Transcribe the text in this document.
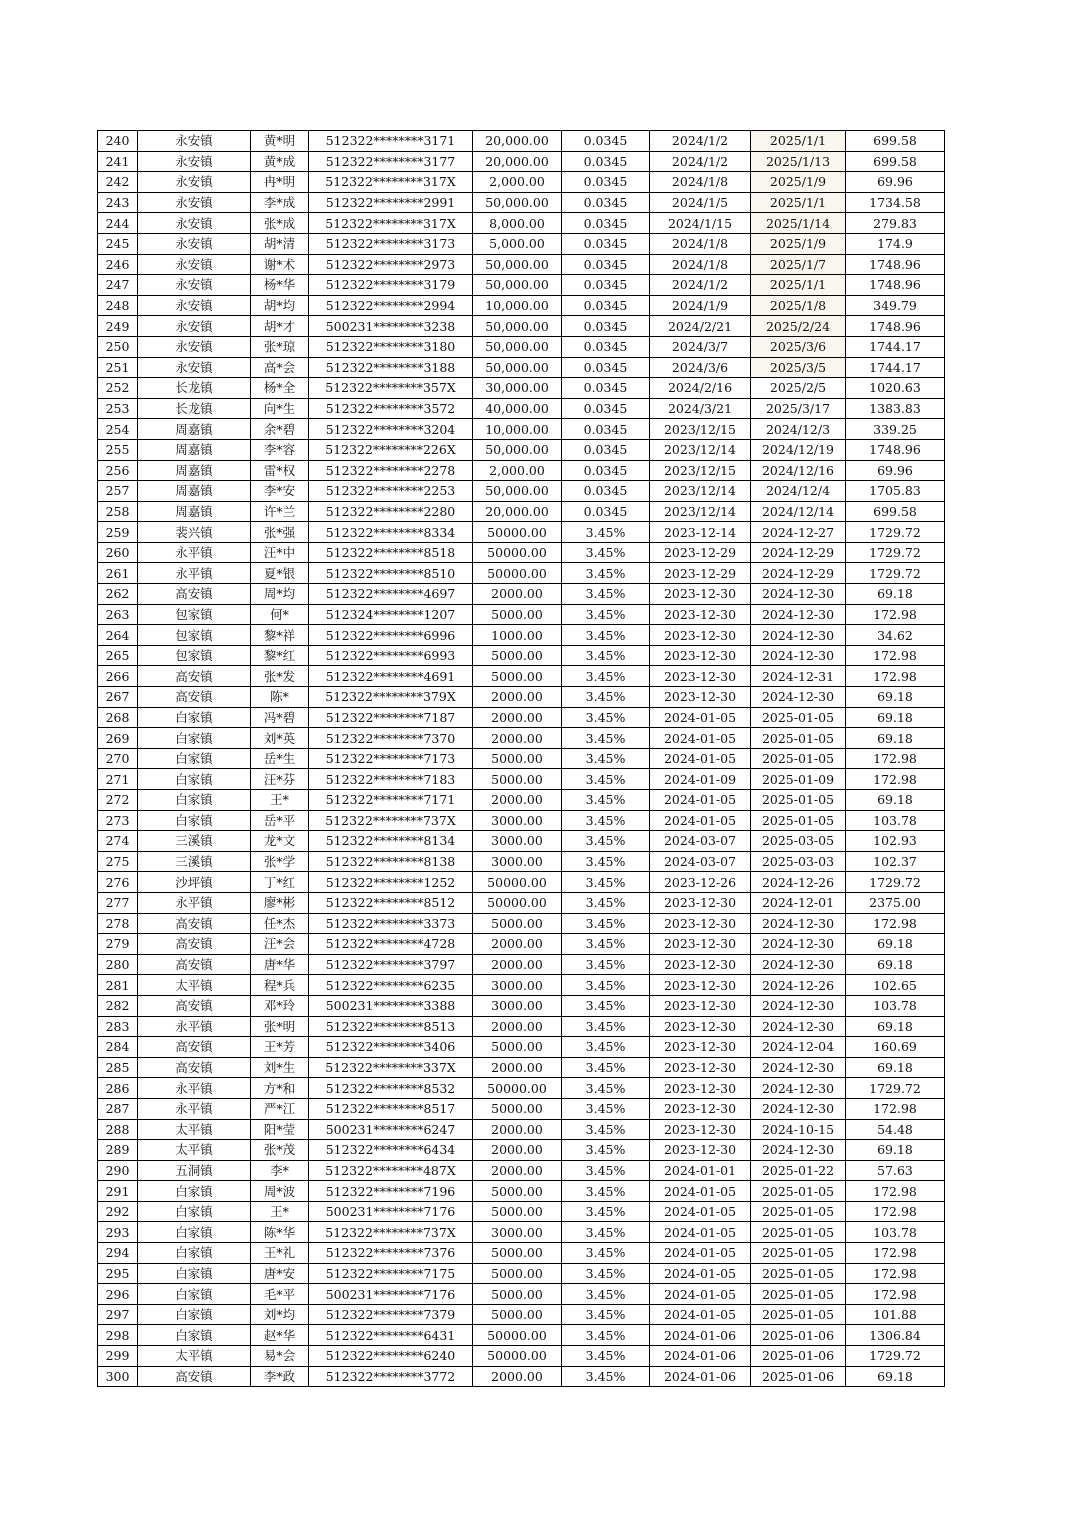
240	永安镇	黄*明	512322********3171	20,000.00	0.0345	2024/1/2	2025/1/1	699.58
241	永安镇	黄*成	512322********3177	20,000.00	0.0345	2024/1/2	2025/1/13	699.58
242	永安镇	冉*明	512322********317X	2,000.00	0.0345	2024/1/8	2025/1/9	69.96
243	永安镇	李*成	512322********2991	50,000.00	0.0345	2024/1/5	2025/1/1	1734.58
244	永安镇	张*成	512322********317X	8,000.00	0.0345	2024/1/15	2025/1/14	279.83
245	永安镇	胡*清	512322********3173	5,000.00	0.0345	2024/1/8	2025/1/9	174.9
246	永安镇	谢*术	512322********2973	50,000.00	0.0345	2024/1/8	2025/1/7	1748.96
247	永安镇	杨*华	512322********3179	50,000.00	0.0345	2024/1/2	2025/1/1	1748.96
248	永安镇	胡*均	512322********2994	10,000.00	0.0345	2024/1/9	2025/1/8	349.79
249	永安镇	胡*才	500231********3238	50,000.00	0.0345	2024/2/21	2025/2/24	1748.96
250	永安镇	张*琼	512322********3180	50,000.00	0.0345	2024/3/7	2025/3/6	1744.17
251	永安镇	高*会	512322********3188	50,000.00	0.0345	2024/3/6	2025/3/5	1744.17
252	长龙镇	杨*全	512322********357X	30,000.00	0.0345	2024/2/16	2025/2/5	1020.63
253	长龙镇	向*生	512322********3572	40,000.00	0.0345	2024/3/21	2025/3/17	1383.83
254	周嘉镇	余*碧	512322********3204	10,000.00	0.0345	2023/12/15	2024/12/3	339.25
255	周嘉镇	李*容	512322********226X	50,000.00	0.0345	2023/12/14	2024/12/19	1748.96
256	周嘉镇	雷*权	512322********2278	2,000.00	0.0345	2023/12/15	2024/12/16	69.96
257	周嘉镇	李*安	512322********2253	50,000.00	0.0345	2023/12/14	2024/12/4	1705.83
258	周嘉镇	许*兰	512322********2280	20,000.00	0.0345	2023/12/14	2024/12/14	699.58
259	裴兴镇	张*强	512322********8334	50000.00	3.45%	2023-12-14	2024-12-27	1729.72
260	永平镇	汪*中	512322********8518	50000.00	3.45%	2023-12-29	2024-12-29	1729.72
261	永平镇	夏*银	512322********8510	50000.00	3.45%	2023-12-29	2024-12-29	1729.72
262	高安镇	周*均	512322********4697	2000.00	3.45%	2023-12-30	2024-12-30	69.18
263	包家镇	何*	512324********1207	5000.00	3.45%	2023-12-30	2024-12-30	172.98
264	包家镇	黎*祥	512322********6996	1000.00	3.45%	2023-12-30	2024-12-30	34.62
265	包家镇	黎*红	512322********6993	5000.00	3.45%	2023-12-30	2024-12-30	172.98
266	高安镇	张*发	512322********4691	5000.00	3.45%	2023-12-30	2024-12-31	172.98
267	高安镇	陈*	512322********379X	2000.00	3.45%	2023-12-30	2024-12-30	69.18
268	白家镇	冯*碧	512322********7187	2000.00	3.45%	2024-01-05	2025-01-05	69.18
269	白家镇	刘*英	512322********7370	2000.00	3.45%	2024-01-05	2025-01-05	69.18
270	白家镇	岳*生	512322********7173	5000.00	3.45%	2024-01-05	2025-01-05	172.98
271	白家镇	汪*芬	512322********7183	5000.00	3.45%	2024-01-09	2025-01-09	172.98
272	白家镇	王*	512322********7171	2000.00	3.45%	2024-01-05	2025-01-05	69.18
273	白家镇	岳*平	512322********737X	3000.00	3.45%	2024-01-05	2025-01-05	103.78
274	三溪镇	龙*文	512322********8134	3000.00	3.45%	2024-03-07	2025-03-05	102.93
275	三溪镇	张*学	512322********8138	3000.00	3.45%	2024-03-07	2025-03-03	102.37
276	沙坪镇	丁*红	512322********1252	50000.00	3.45%	2023-12-26	2024-12-26	1729.72
277	永平镇	廖*彬	512322********8512	50000.00	3.45%	2023-12-30	2024-12-01	2375.00
278	高安镇	任*杰	512322********3373	5000.00	3.45%	2023-12-30	2024-12-30	172.98
279	高安镇	汪*会	512322********4728	2000.00	3.45%	2023-12-30	2024-12-30	69.18
280	高安镇	唐*华	512322********3797	2000.00	3.45%	2023-12-30	2024-12-30	69.18
281	太平镇	程*兵	512322********6235	3000.00	3.45%	2023-12-30	2024-12-26	102.65
282	高安镇	邓*玲	500231********3388	3000.00	3.45%	2023-12-30	2024-12-30	103.78
283	永平镇	张*明	512322********8513	2000.00	3.45%	2023-12-30	2024-12-30	69.18
284	高安镇	王*芳	512322********3406	5000.00	3.45%	2023-12-30	2024-12-04	160.69
285	高安镇	刘*生	512322********337X	2000.00	3.45%	2023-12-30	2024-12-30	69.18
286	永平镇	方*和	512322********8532	50000.00	3.45%	2023-12-30	2024-12-30	1729.72
287	永平镇	严*江	512322********8517	5000.00	3.45%	2023-12-30	2024-12-30	172.98
288	太平镇	阳*莹	500231********6247	2000.00	3.45%	2023-12-30	2024-10-15	54.48
289	太平镇	张*茂	512322********6434	2000.00	3.45%	2023-12-30	2024-12-30	69.18
290	五洞镇	李*	512322********487X	2000.00	3.45%	2024-01-01	2025-01-22	57.63
291	白家镇	周*波	512322********7196	5000.00	3.45%	2024-01-05	2025-01-05	172.98
292	白家镇	王*	500231********7176	5000.00	3.45%	2024-01-05	2025-01-05	172.98
293	白家镇	陈*华	512322********737X	3000.00	3.45%	2024-01-05	2025-01-05	103.78
294	白家镇	王*礼	512322********7376	5000.00	3.45%	2024-01-05	2025-01-05	172.98
295	白家镇	唐*安	512322********7175	5000.00	3.45%	2024-01-05	2025-01-05	172.98
296	白家镇	毛*平	500231********7176	5000.00	3.45%	2024-01-05	2025-01-05	172.98
297	白家镇	刘*均	512322********7379	5000.00	3.45%	2024-01-05	2025-01-05	101.88
298	白家镇	赵*华	512322********6431	50000.00	3.45%	2024-01-06	2025-01-06	1306.84
299	太平镇	易*会	512322********6240	50000.00	3.45%	2024-01-06	2025-01-06	1729.72
300	高安镇	李*政	512322********3772	2000.00	3.45%	2024-01-06	2025-01-06	69.18
